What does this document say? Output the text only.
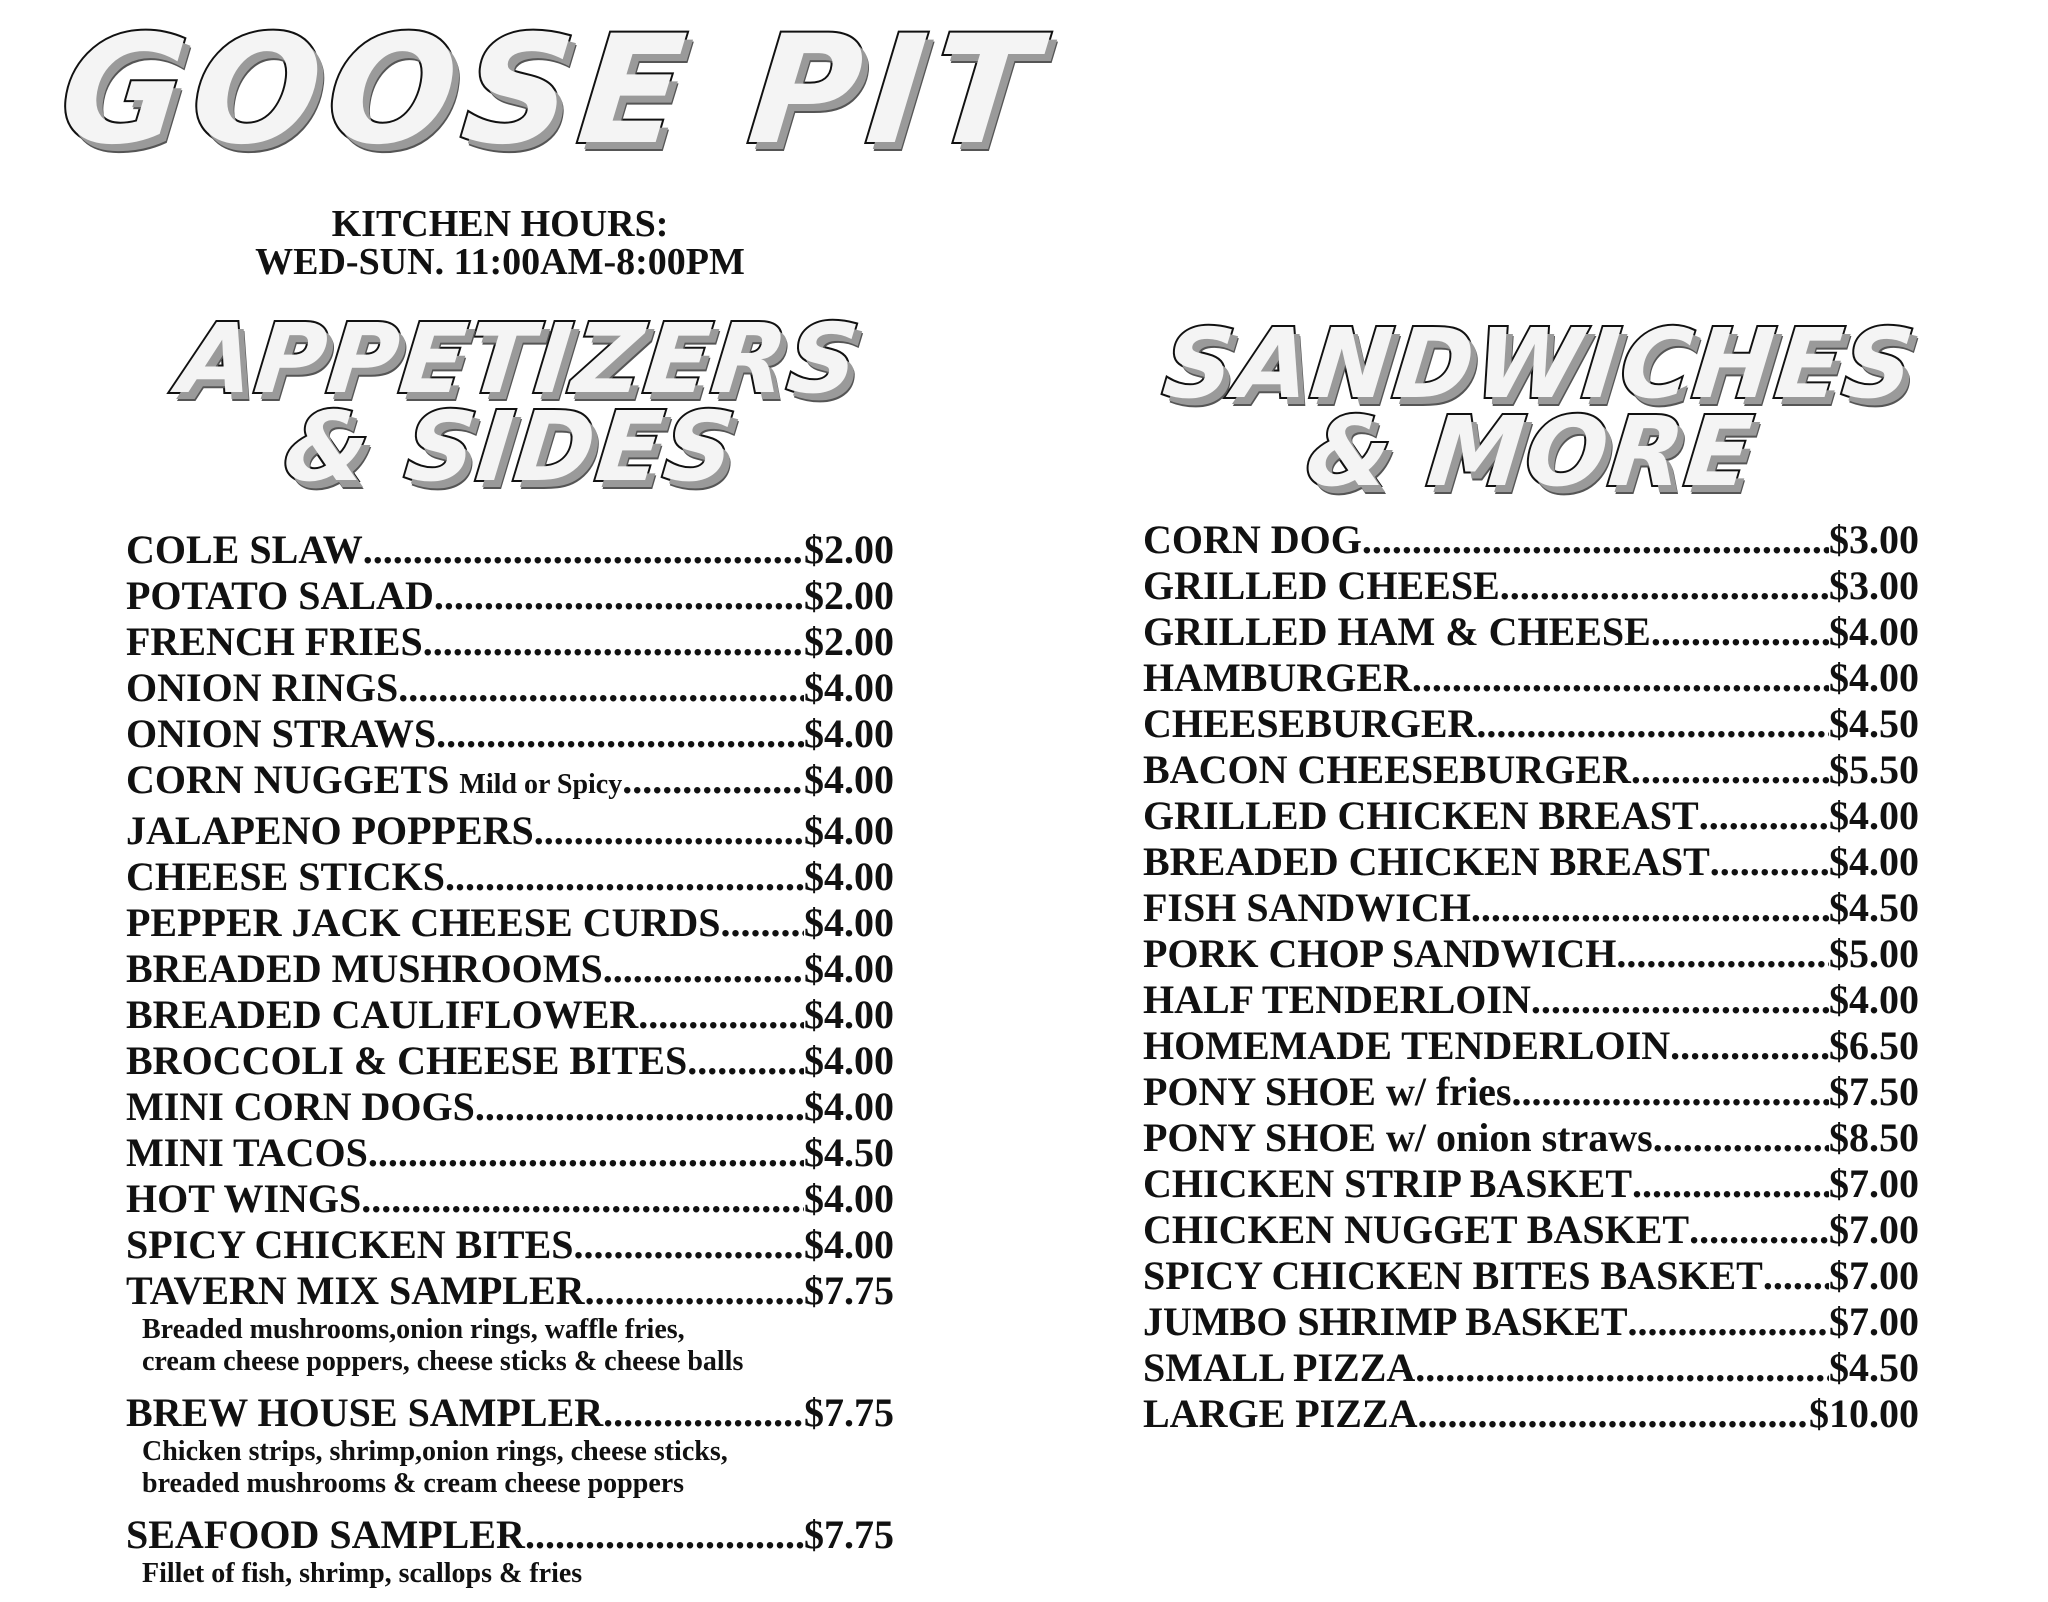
GOOSE PIT
KITCHEN HOURS:
WED-SUN. 11:00AM-8:00PM
APPETIZERS
& SIDES
SANDWICHES
& MORE
COLE SLAW .....	$2.00
POTATO SALAD .....	$2.00
FRENCH FRIES .....	$2.00
ONION RINGS .....	$4.00
ONION STRAWS .....	$4.00
CORN NUGGETS Mild or Spicy .....	$4.00
JALAPENO POPPERS .....	$4.00
CHEESE STICKS .....	$4.00
PEPPER JACK CHEESE CURDS ..... $4.00
BREADED MUSHROOMS .....	$4.00
BREADED CAULIFLOWER .....	$4.00
BROCCOLI & CHEESE BITES .....	$4.00
MINI CORN DOGS .....	$4.00
MINI TACOS .....	$4.50
HOT WINGS .....	$4.00
SPICY CHICKEN BITES .....	$4.00
TAVERN MIX SAMPLER .....	$7.75
Breaded mushrooms,onion rings, waffle fries,
cream cheese poppers, cheese sticks & cheese balls
BREW HOUSE SAMPLER .....	$7.75
Chicken strips, shrimp,onion rings, cheese sticks,
breaded mushrooms & cream cheese poppers
SEAFOOD SAMPLER .....	$7.75
Fillet of fish, shrimp, scallops & fries
CORN DOG .....	$3.00
GRILLED CHEESE .....	$3.00
GRILLED HAM & CHEESE .....	$4.00
HAMBURGER .....	$4.00
CHEESEBURGER .....	$4.50
BACON CHEESEBURGER .....	$5.50
GRILLED CHICKEN BREAST .....	$4.00
BREADED CHICKEN BREAST .....	$4.00
FISH SANDWICH .....	$4.50
PORK CHOP SANDWICH .....	$5.00
HALF TENDERLOIN .....	$4.00
HOMEMADE TENDERLOIN .....	$6.50
PONY SHOE w/ fries .....	$7.50
PONY SHOE w/ onion straws .....	$8.50
CHICKEN STRIP BASKET .....	$7.00
CHICKEN NUGGET BASKET .....	$7.00
SPICY CHICKEN BITES BASKET ..... $7.00
JUMBO SHRIMP BASKET .....	$7.00
SMALL PIZZA .....	$4.50
LARGE PIZZA .....	$10.00
